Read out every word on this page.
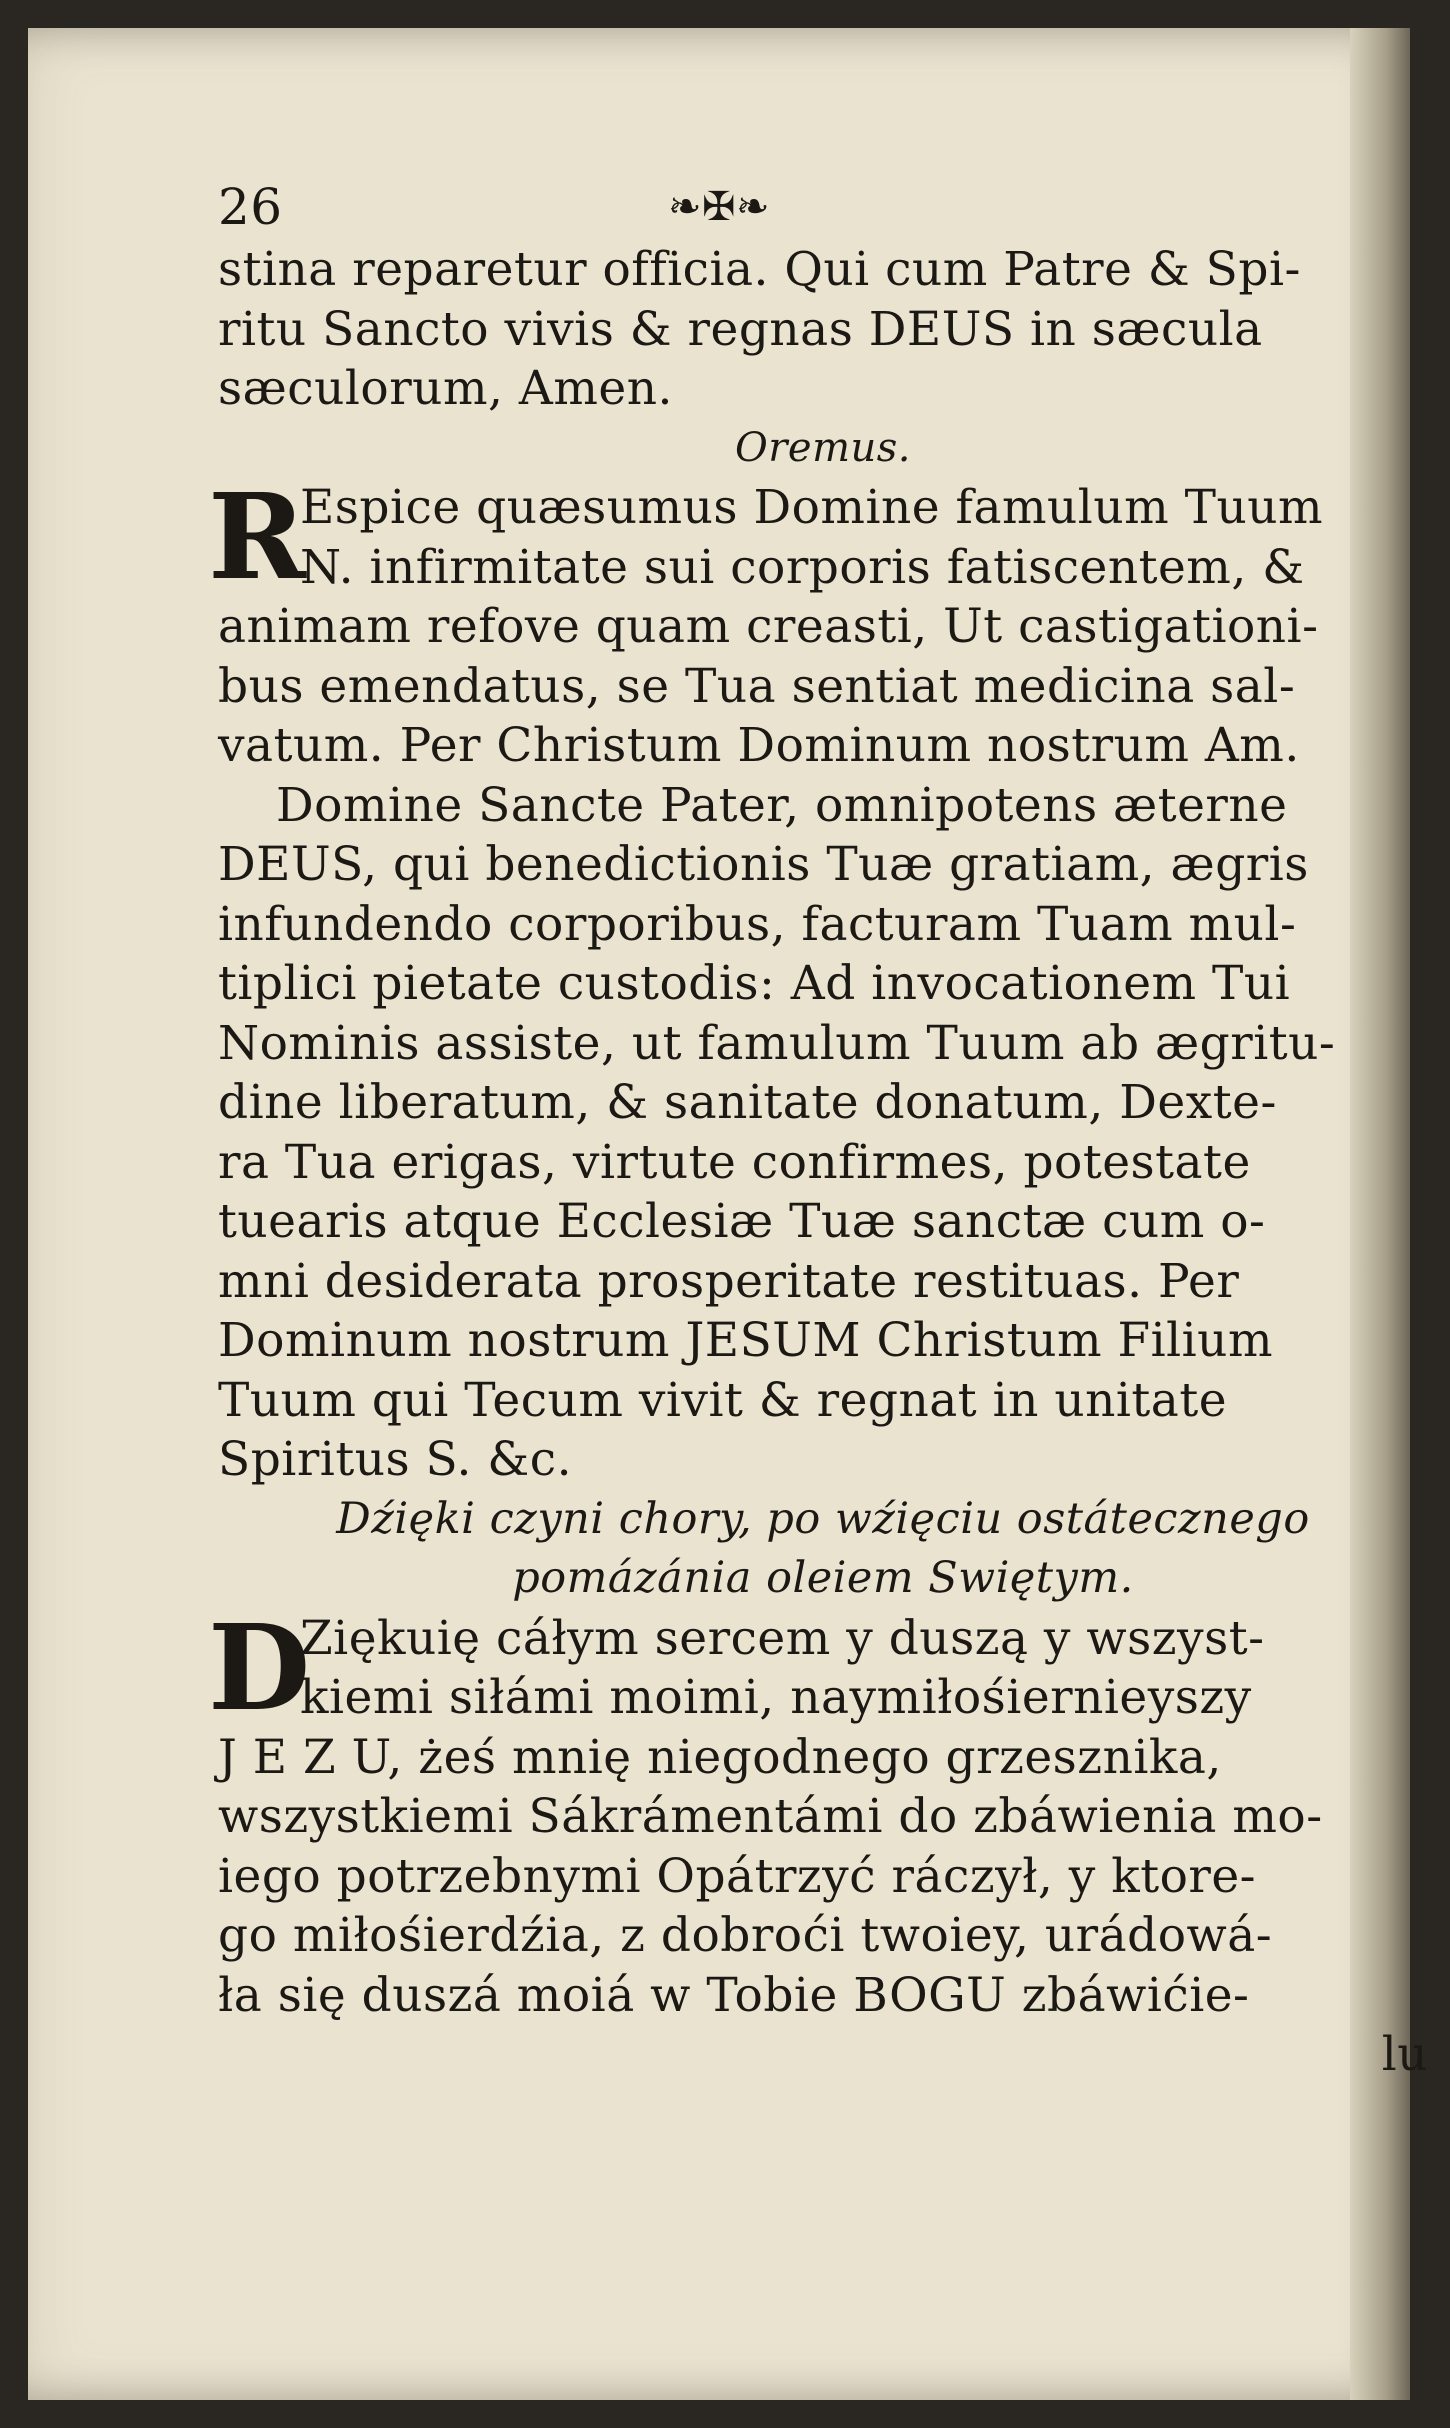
26	❧✠❧
stina reparetur officia. Qui cum Patre & Spi-
ritu Sancto vivis & regnas DEUS in sæcula
sæculorum, Amen.
Oremus.
R
Espice quæsumus Domine famulum Tuum
N. infirmitate sui corporis fatiscentem, &
animam refove quam creasti, Ut castigationi-
bus emendatus, se Tua sentiat medicina sal-
vatum. Per Christum Dominum nostrum Am.
Domine Sancte Pater, omnipotens æterne
DEUS, qui benedictionis Tuæ gratiam, ægris
infundendo corporibus, facturam Tuam mul-
tiplici pietate custodis: Ad invocationem Tui
Nominis assiste, ut famulum Tuum ab ægritu-
dine liberatum, & sanitate donatum, Dexte-
ra Tua erigas, virtute confirmes, potestate
tuearis atque Ecclesiæ Tuæ sanctæ cum o-
mni desiderata prosperitate restituas. Per
Dominum nostrum JESUM Christum Filium
Tuum qui Tecum vivit & regnat in unitate
Spiritus S. &c.
Dźięki czyni chory, po wźięciu ostátecznego
pomázánia oleiem Swiętym.
D
Ziękuię cáłym sercem y duszą y wszyst-
kiemi siłámi moimi, naymiłośiernieyszy
J E Z U, żeś mnię niegodnego grzesznika,
wszystkiemi Sákrámentámi do zbáwienia mo-
iego potrzebnymi Opátrzyć ráczył, y ktore-
go miłośierdźia, z dobroći twoiey, urádowá-
ła się duszá moiá w Tobie BOGU zbáwićie-
lu
